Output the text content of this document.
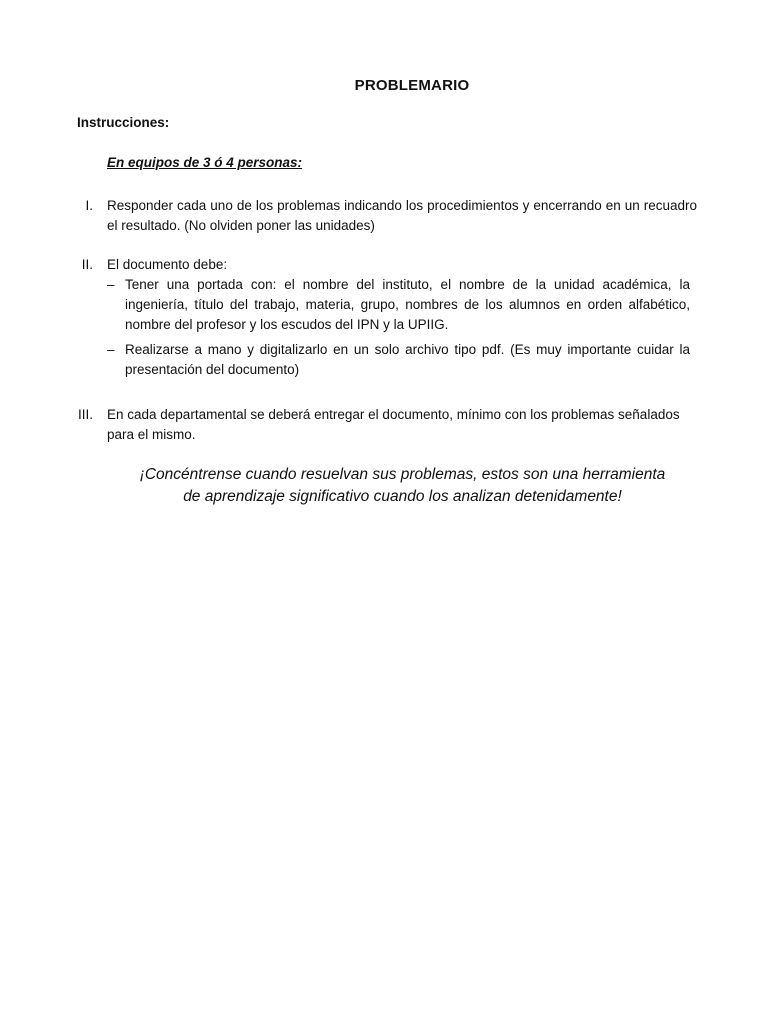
PROBLEMARIO
Instrucciones:
En equipos de 3 ó 4 personas:
I. Responder cada uno de los problemas indicando los procedimientos y encerrando en un recuadro el resultado. (No olviden poner las unidades)
II. El documento debe:
– Tener una portada con: el nombre del instituto, el nombre de la unidad académica, la ingeniería, título del trabajo, materia, grupo, nombres de los alumnos en orden alfabético, nombre del profesor y los escudos del IPN y la UPIIG.
– Realizarse a mano y digitalizarlo en un solo archivo tipo pdf. (Es muy importante cuidar la presentación del documento)
III. En cada departamental se deberá entregar el documento, mínimo con los problemas señalados para el mismo.
¡Concéntrense cuando resuelvan sus problemas, estos son una herramienta
de aprendizaje significativo cuando los analizan detenidamente!
